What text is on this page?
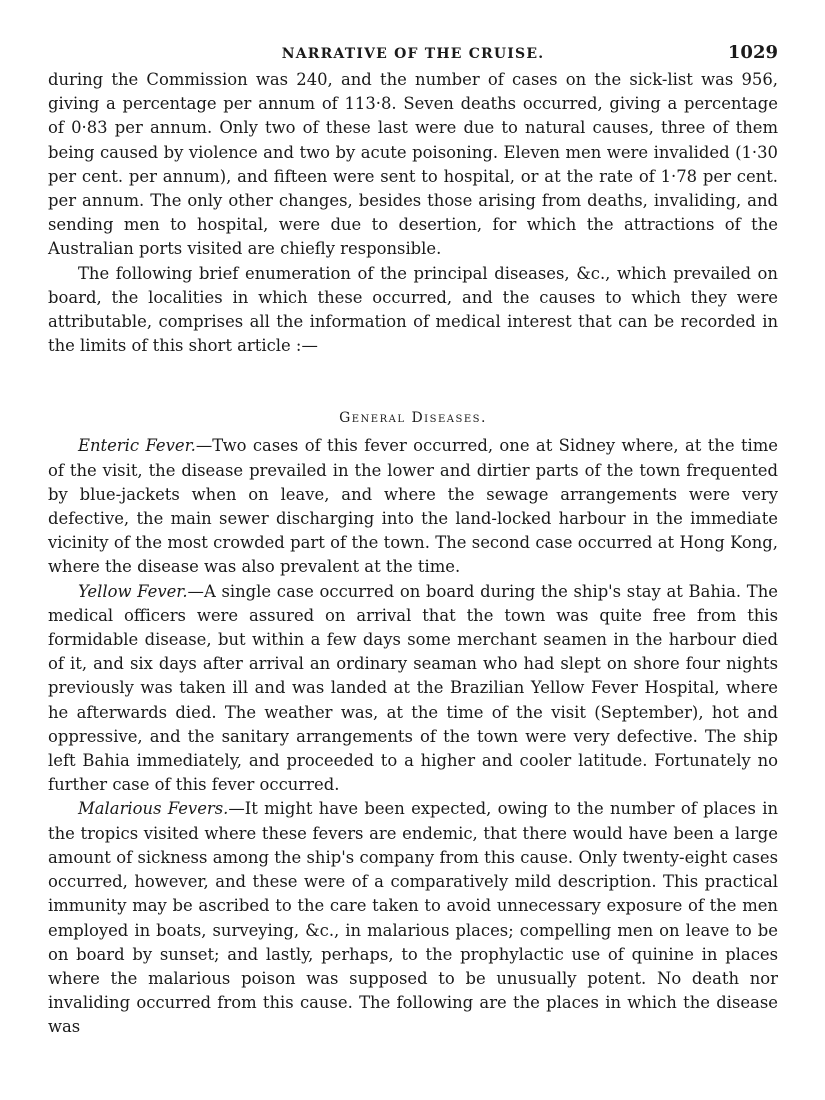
NARRATIVE OF THE CRUISE.	1029

during the Commission was 240, and the number of cases on the sick-list was 956, giving a percentage per annum of 113·8. Seven deaths occurred, giving a percentage of 0·83 per annum. Only two of these last were due to natural causes, three of them being caused by violence and two by acute poisoning. Eleven men were invalided (1·30 per cent. per annum), and fifteen were sent to hospital, or at the rate of 1·78 per cent. per annum. The only other changes, besides those arising from deaths, invaliding, and sending men to hospital, were due to desertion, for which the attractions of the Australian ports visited are chiefly responsible.

The following brief enumeration of the principal diseases, &c., which prevailed on board, the localities in which these occurred, and the causes to which they were attributable, comprises all the information of medical interest that can be recorded in the limits of this short article :—

General Diseases.

Enteric Fever.—Two cases of this fever occurred, one at Sidney where, at the time of the visit, the disease prevailed in the lower and dirtier parts of the town frequented by blue-jackets when on leave, and where the sewage arrangements were very defective, the main sewer discharging into the land-locked harbour in the immediate vicinity of the most crowded part of the town. The second case occurred at Hong Kong, where the disease was also prevalent at the time.

Yellow Fever.—A single case occurred on board during the ship's stay at Bahia. The medical officers were assured on arrival that the town was quite free from this formidable disease, but within a few days some merchant seamen in the harbour died of it, and six days after arrival an ordinary seaman who had slept on shore four nights previously was taken ill and was landed at the Brazilian Yellow Fever Hospital, where he afterwards died. The weather was, at the time of the visit (September), hot and oppressive, and the sanitary arrangements of the town were very defective. The ship left Bahia immediately, and proceeded to a higher and cooler latitude. Fortunately no further case of this fever occurred.

Malarious Fevers.—It might have been expected, owing to the number of places in the tropics visited where these fevers are endemic, that there would have been a large amount of sickness among the ship's company from this cause. Only twenty-eight cases occurred, however, and these were of a comparatively mild description. This practical immunity may be ascribed to the care taken to avoid unnecessary exposure of the men employed in boats, surveying, &c., in malarious places; compelling men on leave to be on board by sunset; and lastly, perhaps, to the prophylactic use of quinine in places where the malarious poison was supposed to be unusually potent. No death nor invaliding occurred from this cause. The following are the places in which the disease was
